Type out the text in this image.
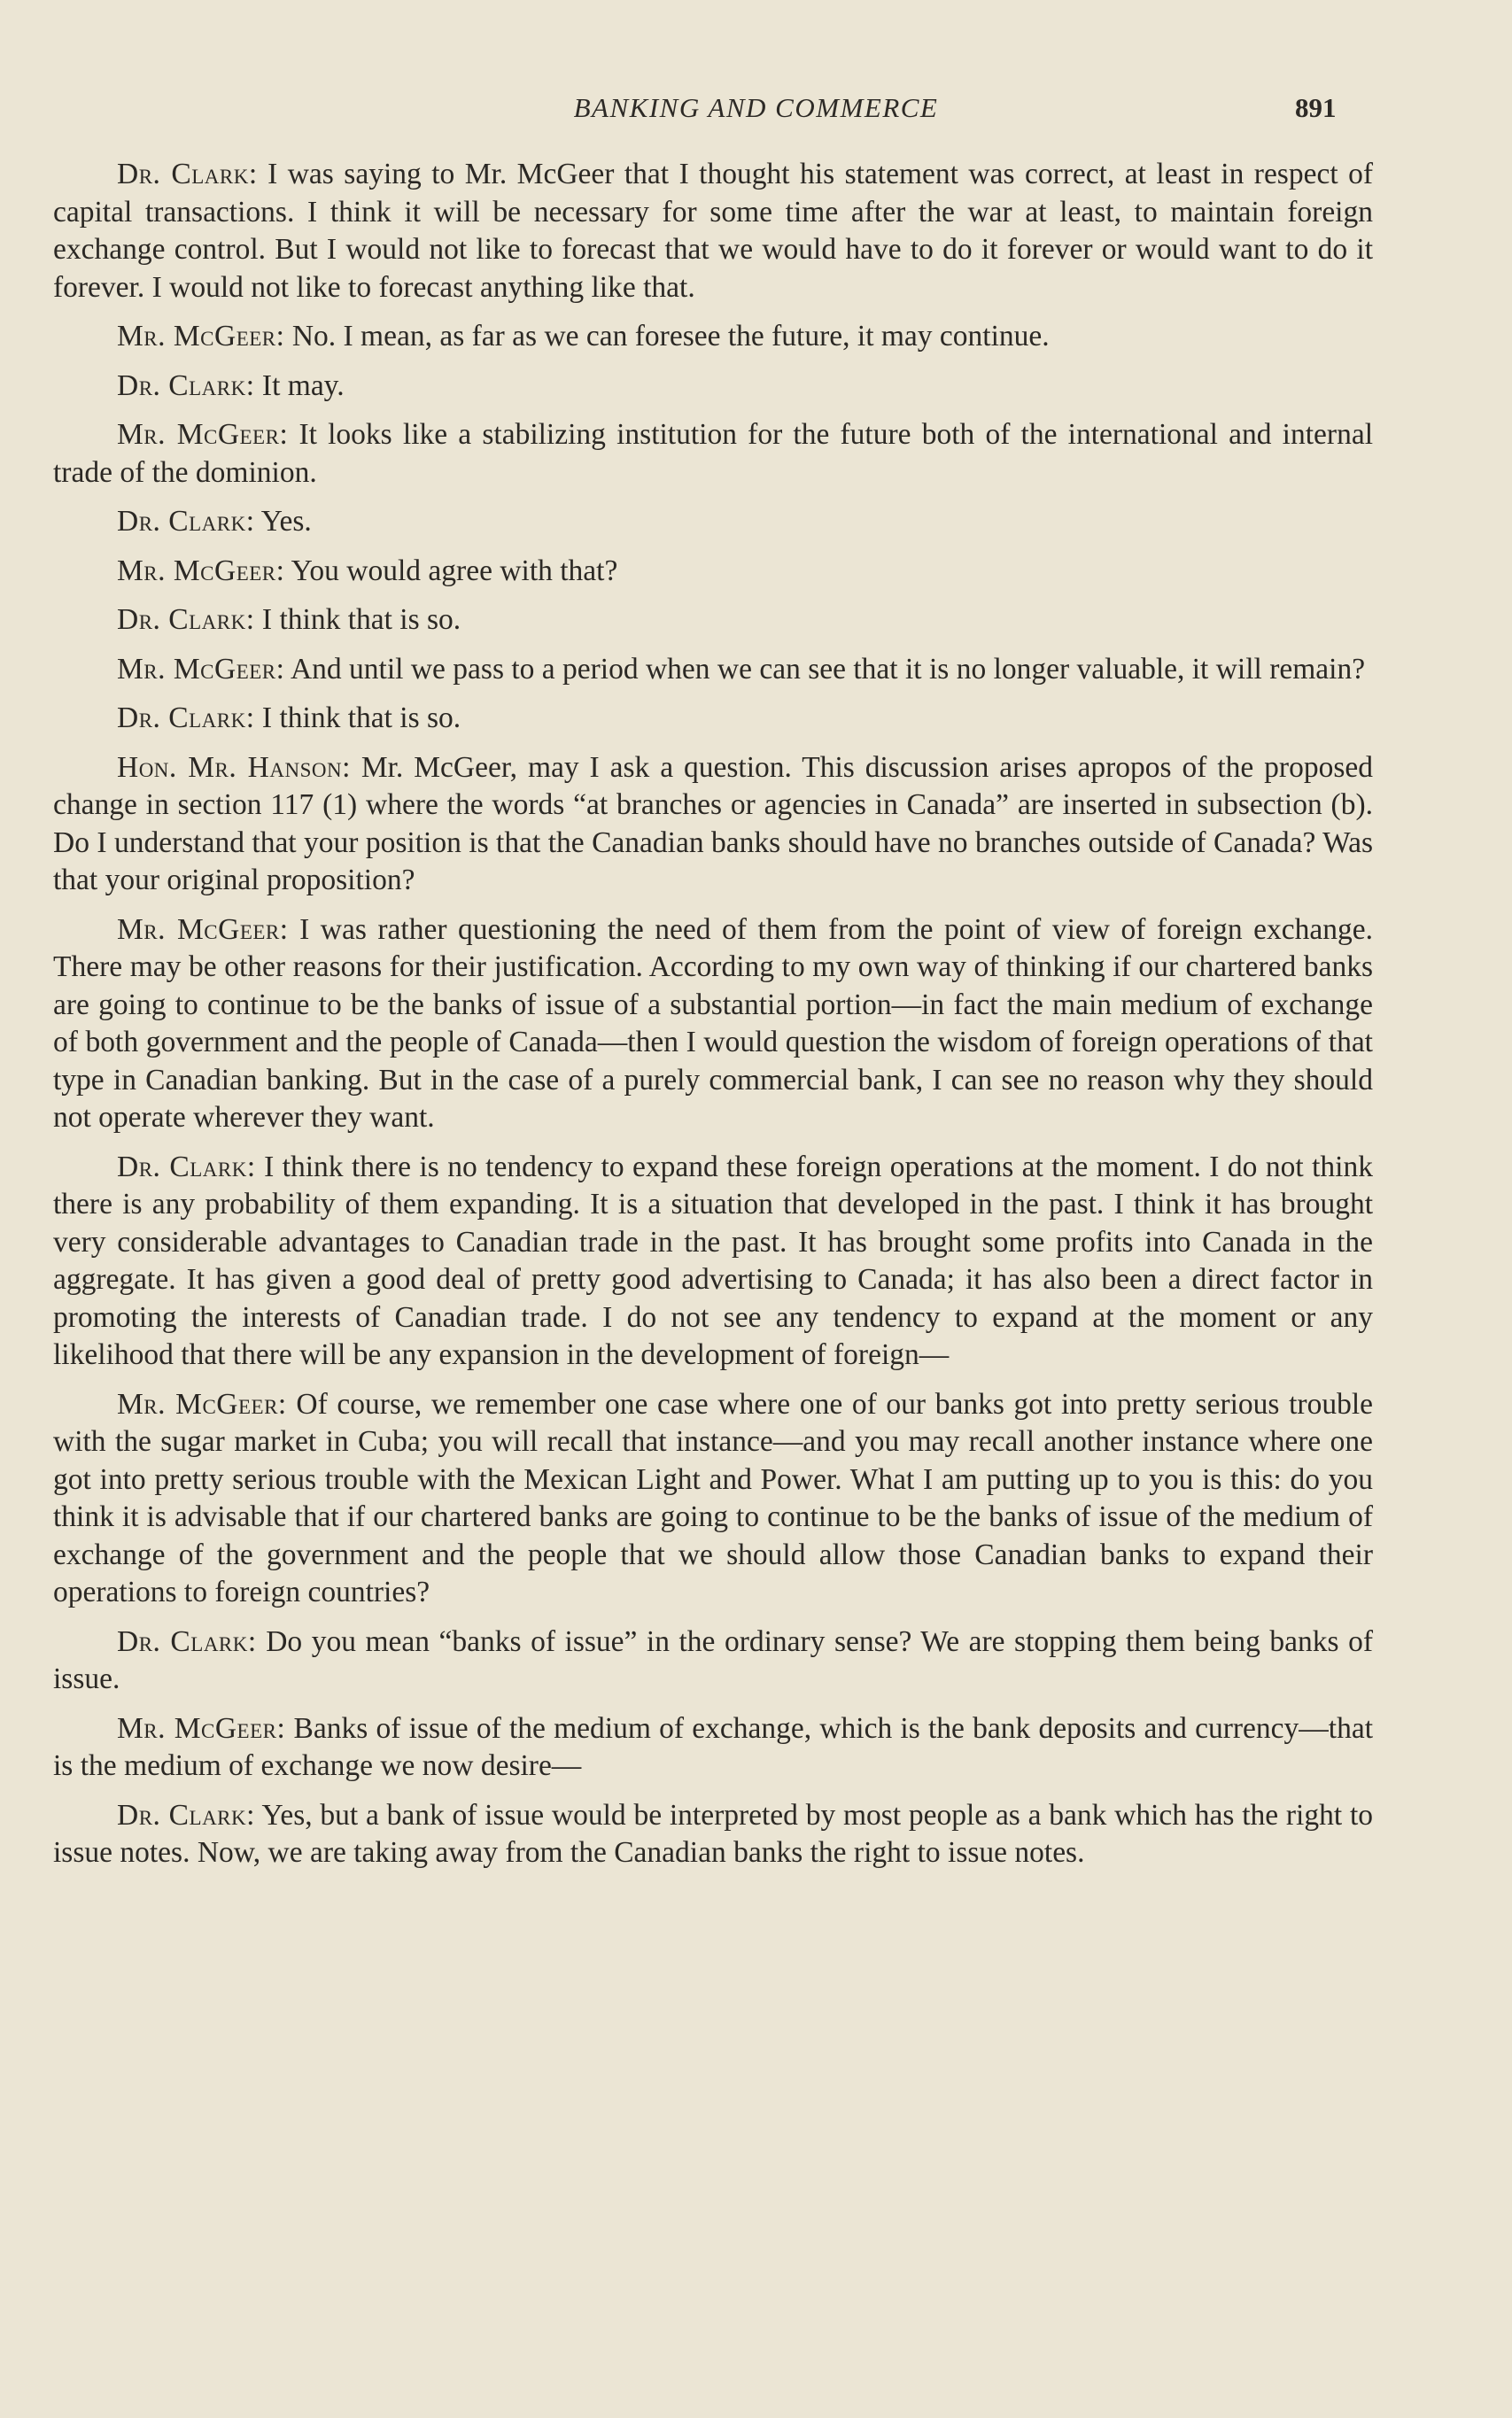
BANKING AND COMMERCE	891

Dr. Clark: I was saying to Mr. McGeer that I thought his statement was correct, at least in respect of capital transactions. I think it will be necessary for some time after the war at least, to maintain foreign exchange control. But I would not like to forecast that we would have to do it forever or would want to do it forever. I would not like to forecast anything like that.

Mr. McGeer: No. I mean, as far as we can foresee the future, it may continue.

Dr. Clark: It may.

Mr. McGeer: It looks like a stabilizing institution for the future both of the international and internal trade of the dominion.

Dr. Clark: Yes.

Mr. McGeer: You would agree with that?

Dr. Clark: I think that is so.

Mr. McGeer: And until we pass to a period when we can see that it is no longer valuable, it will remain?

Dr. Clark: I think that is so.

Hon. Mr. Hanson: Mr. McGeer, may I ask a question. This discussion arises apropos of the proposed change in section 117 (1) where the words “at branches or agencies in Canada” are inserted in subsection (b). Do I understand that your position is that the Canadian banks should have no branches outside of Canada? Was that your original proposition?

Mr. McGeer: I was rather questioning the need of them from the point of view of foreign exchange. There may be other reasons for their justification. According to my own way of thinking if our chartered banks are going to continue to be the banks of issue of a substantial portion—in fact the main medium of exchange of both government and the people of Canada—then I would question the wisdom of foreign operations of that type in Canadian banking. But in the case of a purely commercial bank, I can see no reason why they should not operate wherever they want.

Dr. Clark: I think there is no tendency to expand these foreign operations at the moment. I do not think there is any probability of them expanding. It is a situation that developed in the past. I think it has brought very considerable advantages to Canadian trade in the past. It has brought some profits into Canada in the aggregate. It has given a good deal of pretty good advertising to Canada; it has also been a direct factor in promoting the interests of Canadian trade. I do not see any tendency to expand at the moment or any likelihood that there will be any expansion in the development of foreign—

Mr. McGeer: Of course, we remember one case where one of our banks got into pretty serious trouble with the sugar market in Cuba; you will recall that instance—and you may recall another instance where one got into pretty serious trouble with the Mexican Light and Power. What I am putting up to you is this: do you think it is advisable that if our chartered banks are going to continue to be the banks of issue of the medium of exchange of the government and the people that we should allow those Canadian banks to expand their operations to foreign countries?

Dr. Clark: Do you mean “banks of issue” in the ordinary sense? We are stopping them being banks of issue.

Mr. McGeer: Banks of issue of the medium of exchange, which is the bank deposits and currency—that is the medium of exchange we now desire—

Dr. Clark: Yes, but a bank of issue would be interpreted by most people as a bank which has the right to issue notes. Now, we are taking away from the Canadian banks the right to issue notes.
